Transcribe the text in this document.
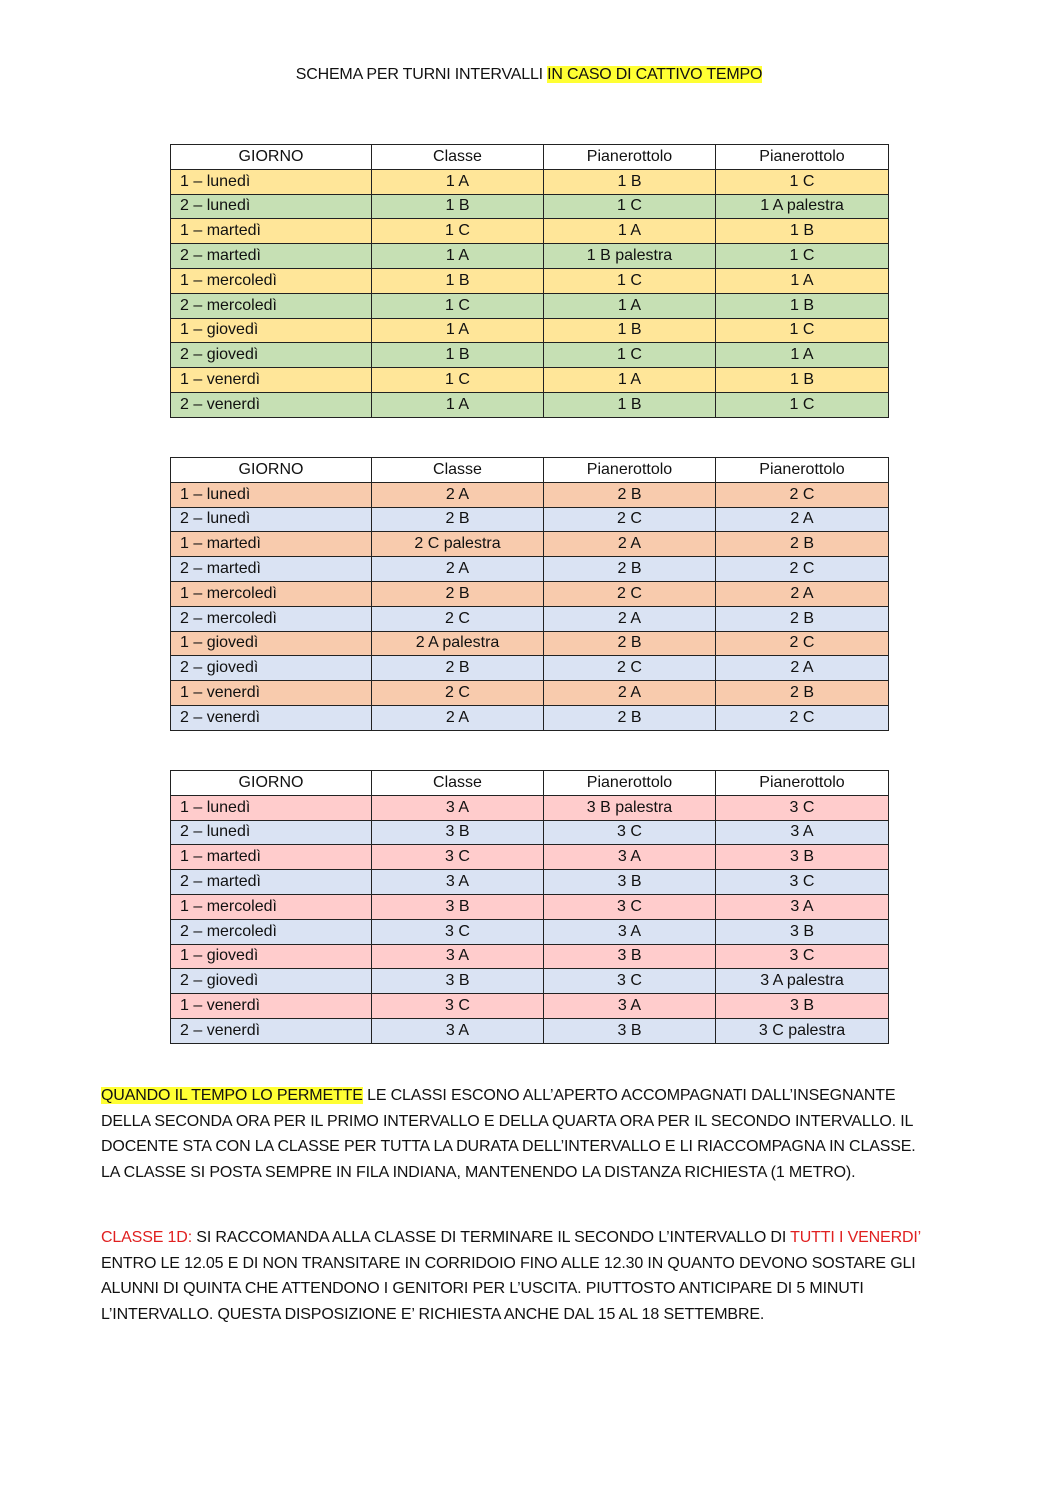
SCHEMA PER TURNI INTERVALLI IN CASO DI CATTIVO TEMPO
GIORNO	Classe	Pianerottolo	Pianerottolo
1 – lunedì	1 A	1 B	1 C
2 – lunedì	1 B	1 C	1 A palestra
1 – martedì	1 C	1 A	1 B
2 – martedì	1 A	1 B palestra	1 C
1 – mercoledì	1 B	1 C	1 A
2 – mercoledì	1 C	1 A	1 B
1 – giovedì	1 A	1 B	1 C
2 – giovedì	1 B	1 C	1 A
1 – venerdì	1 C	1 A	1 B
2 – venerdì	1 A	1 B	1 C
GIORNO	Classe	Pianerottolo	Pianerottolo
1 – lunedì	2 A	2 B	2 C
2 – lunedì	2 B	2 C	2 A
1 – martedì	2 C palestra	2 A	2 B
2 – martedì	2 A	2 B	2 C
1 – mercoledì	2 B	2 C	2 A
2 – mercoledì	2 C	2 A	2 B
1 – giovedì	2 A palestra	2 B	2 C
2 – giovedì	2 B	2 C	2 A
1 – venerdì	2 C	2 A	2 B
2 – venerdì	2 A	2 B	2 C
GIORNO	Classe	Pianerottolo	Pianerottolo
1 – lunedì	3 A	3 B palestra	3 C
2 – lunedì	3 B	3 C	3 A
1 – martedì	3 C	3 A	3 B
2 – martedì	3 A	3 B	3 C
1 – mercoledì	3 B	3 C	3 A
2 – mercoledì	3 C	3 A	3 B
1 – giovedì	3 A	3 B	3 C
2 – giovedì	3 B	3 C	3 A palestra
1 – venerdì	3 C	3 A	3 B
2 – venerdì	3 A	3 B	3 C palestra
QUANDO IL TEMPO LO PERMETTE LE CLASSI ESCONO ALL’APERTO ACCOMPAGNATI DALL’INSEGNANTE
DELLA SECONDA ORA PER IL PRIMO INTERVALLO E DELLA QUARTA ORA PER IL SECONDO INTERVALLO. IL
DOCENTE STA CON LA CLASSE PER TUTTA LA DURATA DELL’INTERVALLO E LI RIACCOMPAGNA IN CLASSE.
LA CLASSE SI POSTA SEMPRE IN FILA INDIANA, MANTENENDO LA DISTANZA RICHIESTA (1 METRO).
CLASSE 1D: SI RACCOMANDA ALLA CLASSE DI TERMINARE IL SECONDO L’INTERVALLO DI TUTTI I VENERDI’
ENTRO LE 12.05 E DI NON TRANSITARE IN CORRIDOIO FINO ALLE 12.30 IN QUANTO DEVONO SOSTARE GLI
ALUNNI DI QUINTA CHE ATTENDONO I GENITORI PER L’USCITA. PIUTTOSTO ANTICIPARE DI 5 MINUTI
L’INTERVALLO. QUESTA DISPOSIZIONE E’ RICHIESTA ANCHE DAL 15 AL 18 SETTEMBRE.
